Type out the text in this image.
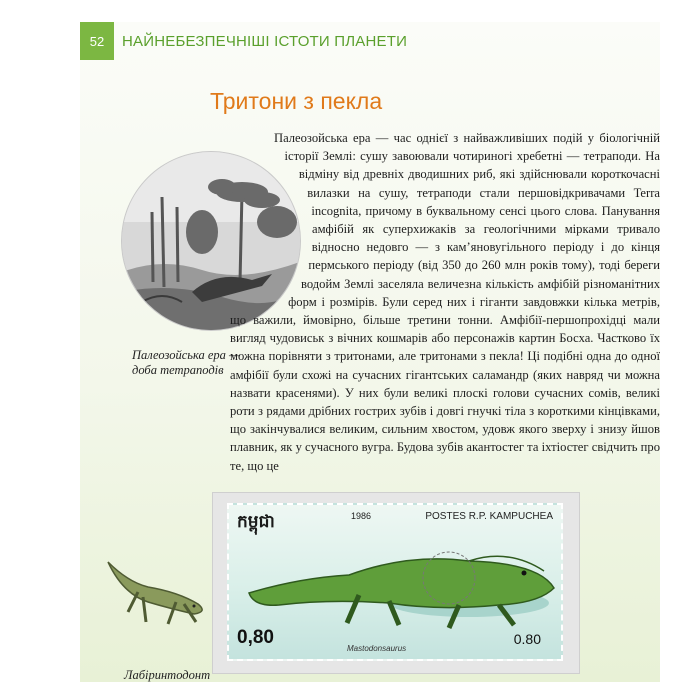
52	НАЙНЕБЕЗПЕЧНІШІ ІСТОТИ ПЛАНЕТИ
Тритони з пекла
Палеозойська ера — доба тетраподів
Палеозойська ера — час однієї з найважливіших подій у біологічній історії Землі: сушу завоювали чотириногі хребетні — тетраподи. На відміну від древніх дводишних риб, які здійснювали короткочасні вилазки на сушу, тетраподи стали першовідкривачами Terra incognita, причому в буквальному сенсі цього слова. Панування амфібій як суперхижаків за геологічними мірками тривало відносно недовго — з кам’яновугільного періоду і до кінця пермського періоду (від 350 до 260 млн років тому), тоді береги водойм Землі заселяла величезна кількість амфібій різноманітних форм і розмірів. Були серед них і гіганти завдовжки кілька метрів, що важили, ймовірно, більше третини тонни. Амфібії-першопрохідці мали вигляд чудовиськ з вічних кошмарів або персонажів картин Босха. Частково їх можна порівняти з тритонами, але тритонами з пекла! Ці подібні одна до одної амфібії були схожі на сучасних гігантських саламандр (яких навряд чи можна назвати красенями). У них були великі плоскі голови сучасних сомів, великі роти з рядами дрібних гострих зубів і довгі гнучкі тіла з короткими кінцівками, що закінчувалися великим, сильним хвостом, удовж якого зверху і знизу йшов плавник, як у сучасного вугра. Будова зубів акантостег та іхтіостег свідчить про те, що це
Лабіринтодонт
កម្ពុជា	1986	POSTES R.P. KAMPUCHEA
0,80
Mastodonsaurus
0.80
